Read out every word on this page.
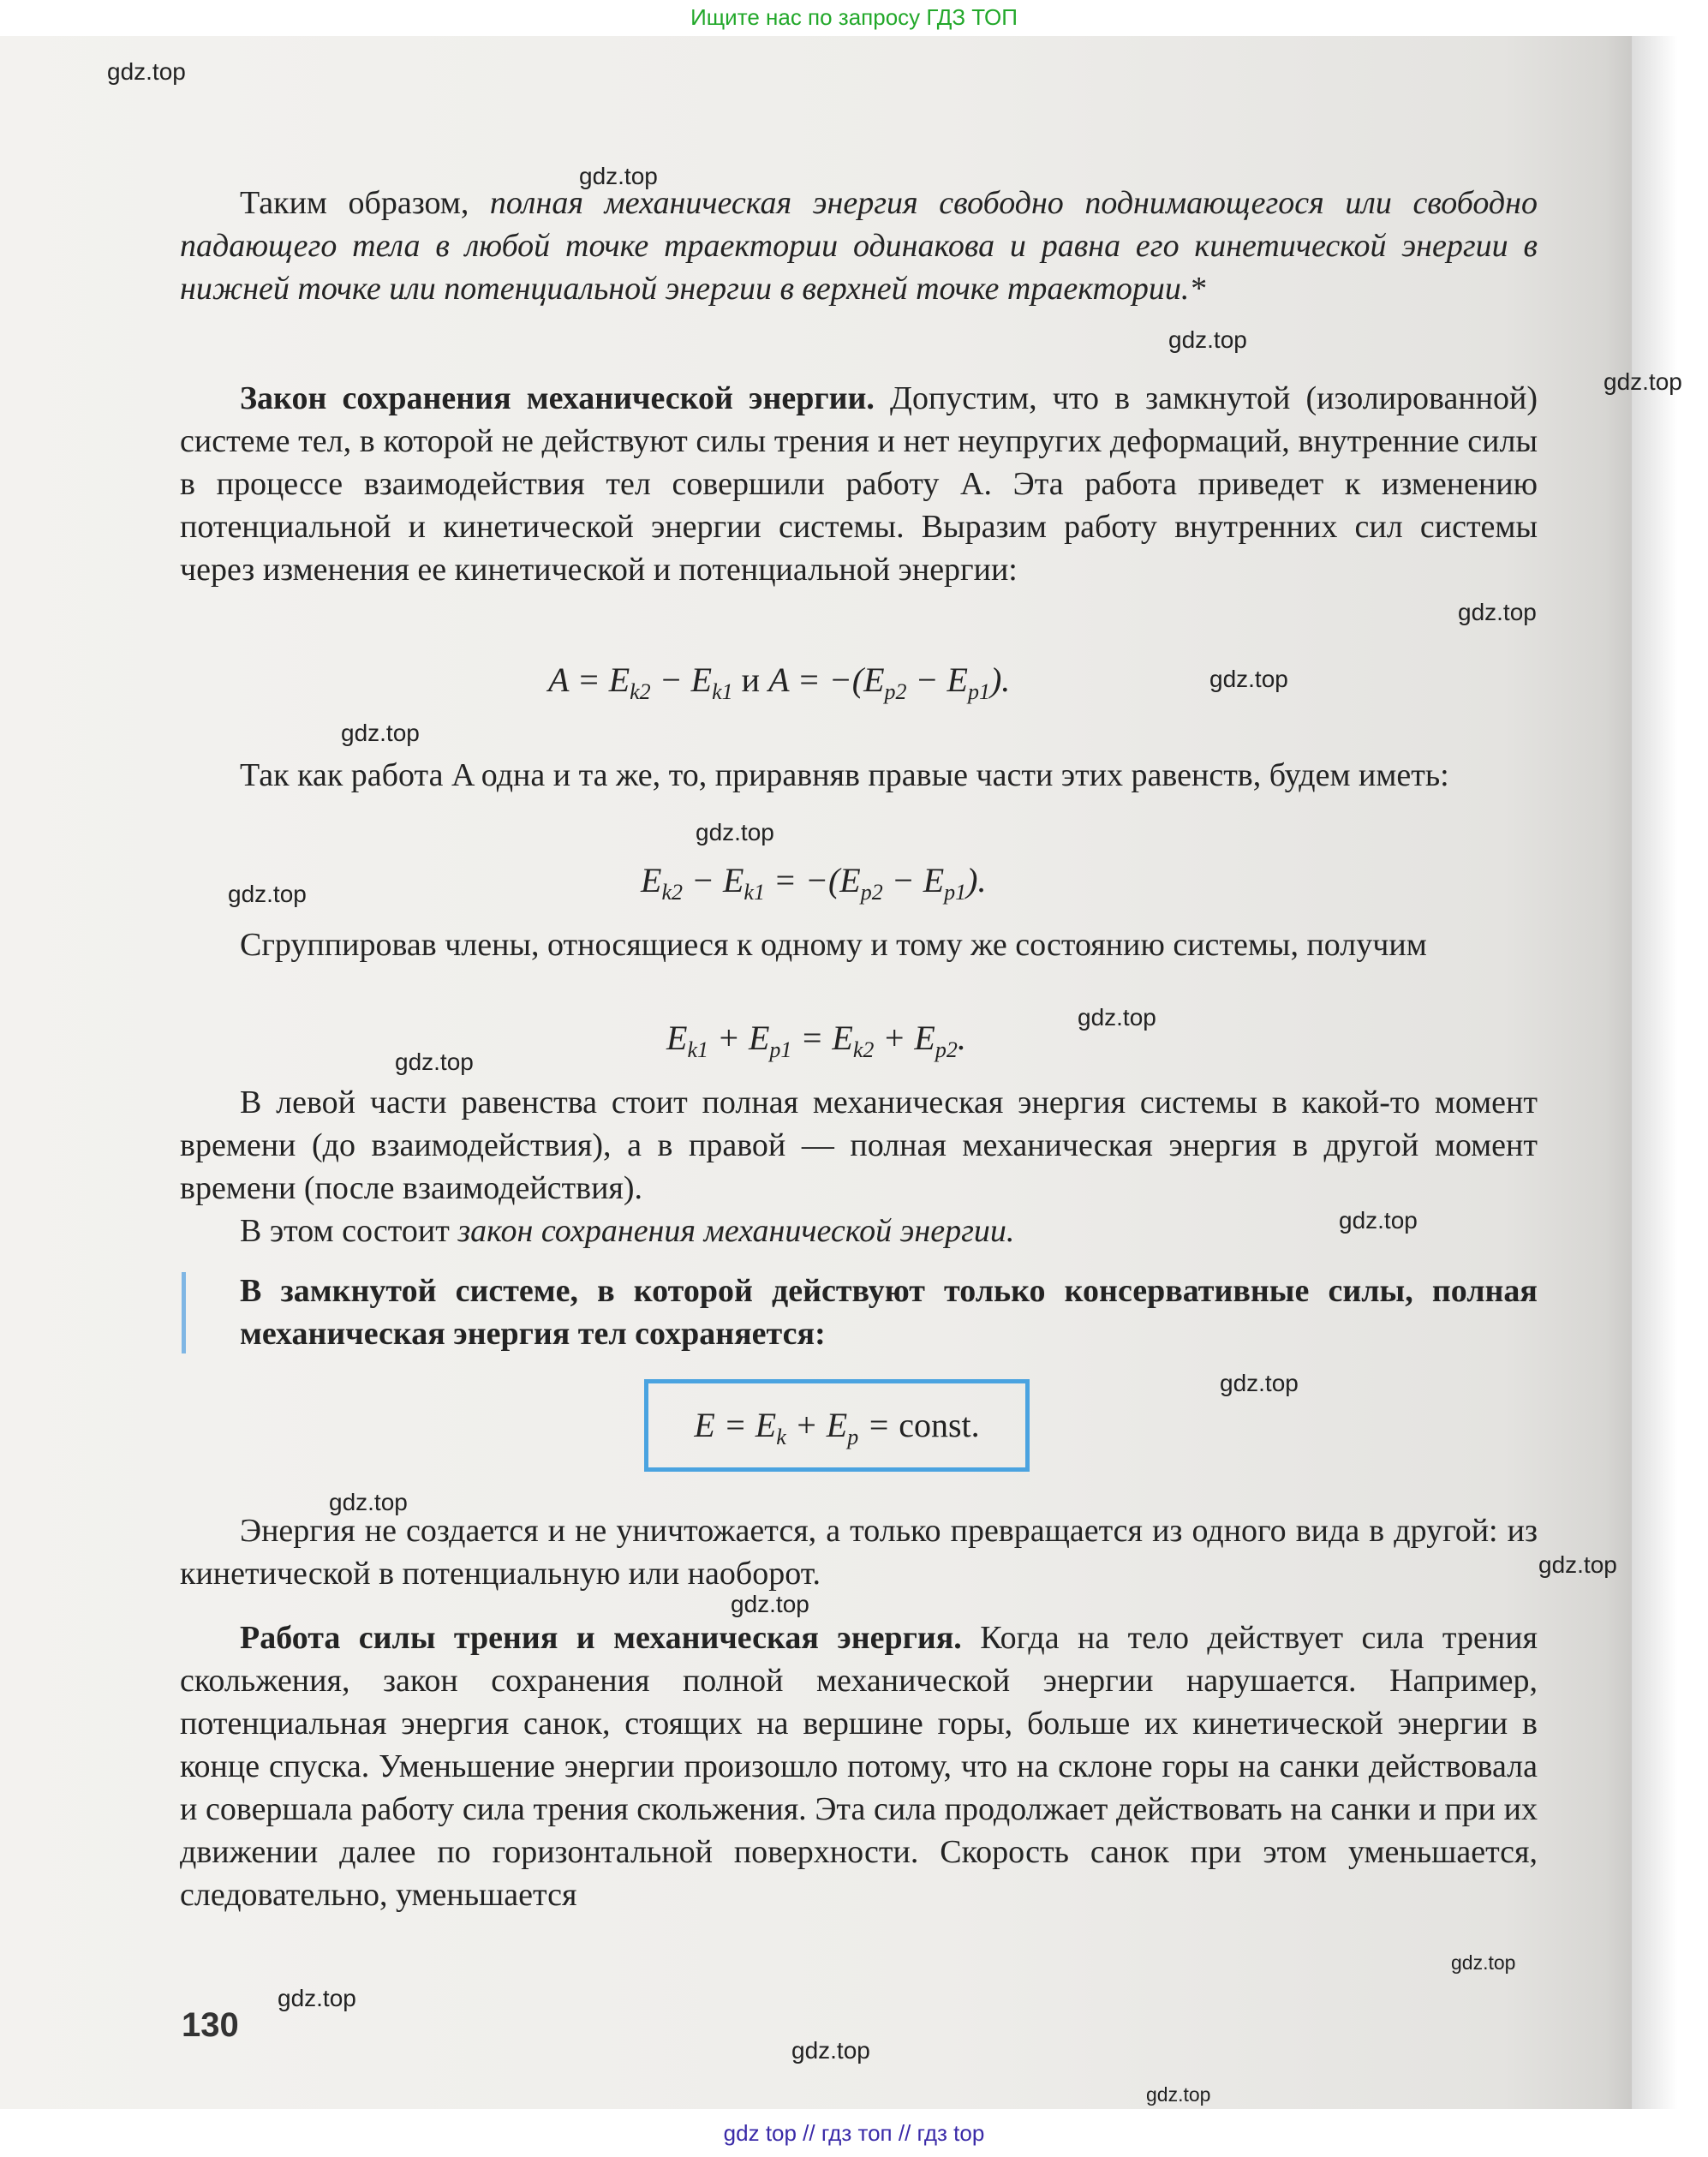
Ищите нас по запросу ГДЗ ТОП

Таким образом, полная механическая энергия свободно поднимающегося или свободно падающего тела в любой точке траектории одинакова и равна его кинетической энергии в нижней точке или потенциальной энергии в верхней точке траектории.*

Закон сохранения механической энергии. Допустим, что в замкнутой (изолированной) системе тел, в которой не действуют силы трения и нет неупругих деформаций, внутренние силы в процессе взаимодействия тел совершили работу A. Эта работа приведет к изменению потенциальной и кинетической энергии системы. Выразим работу внутренних сил системы через изменения ее кинетической и потенциальной энергии:

$A = E_{k2} - E_{k1}$ и $A = -(E_{p2} - E_{p1})$.

Так как работа A одна и та же, то, приравняв правые части этих равенств, будем иметь:

$E_{k2} - E_{k1} = -(E_{p2} - E_{p1})$.

Сгруппировав члены, относящиеся к одному и тому же состоянию системы, получим

$E_{k1} + E_{p1} = E_{k2} + E_{p2}$.

В левой части равенства стоит полная механическая энергия системы в какой-то момент времени (до взаимодействия), а в правой — полная механическая энергия в другой момент времени (после взаимодействия).

В этом состоит закон сохранения механической энергии.

В замкнутой системе, в которой действуют только консервативные силы, полная механическая энергия тел сохраняется:
$E = E_k + E_p$ = const.

Энергия не создается и не уничтожается, а только превращается из одного вида в другой: из кинетической в потенциальную или наоборот.

Работа силы трения и механическая энергия. Когда на тело действует сила трения скольжения, закон сохранения полной механической энергии нарушается. Например, потенциальная энергия санок, стоящих на вершине горы, больше их кинетической энергии в конце спуска. Уменьшение энергии произошло потому, что на склоне горы на санки действовала и совершала работу сила трения скольжения. Эта сила продолжает действовать на санки и при их движении далее по горизонтальной поверхности. Скорость санок при этом уменьшается, следовательно, уменьшается

130
gdz.top
gdz.top
gdz.top
gdz.top
gdz.top
gdz.top
gdz.top
gdz.top
gdz.top
gdz.top
gdz.top
gdz.top
gdz.top
gdz.top
gdz.top
gdz.top
gdz.top
gdz.top
gdz.top
gdz.top
gdz top // гдз топ // гдз top
